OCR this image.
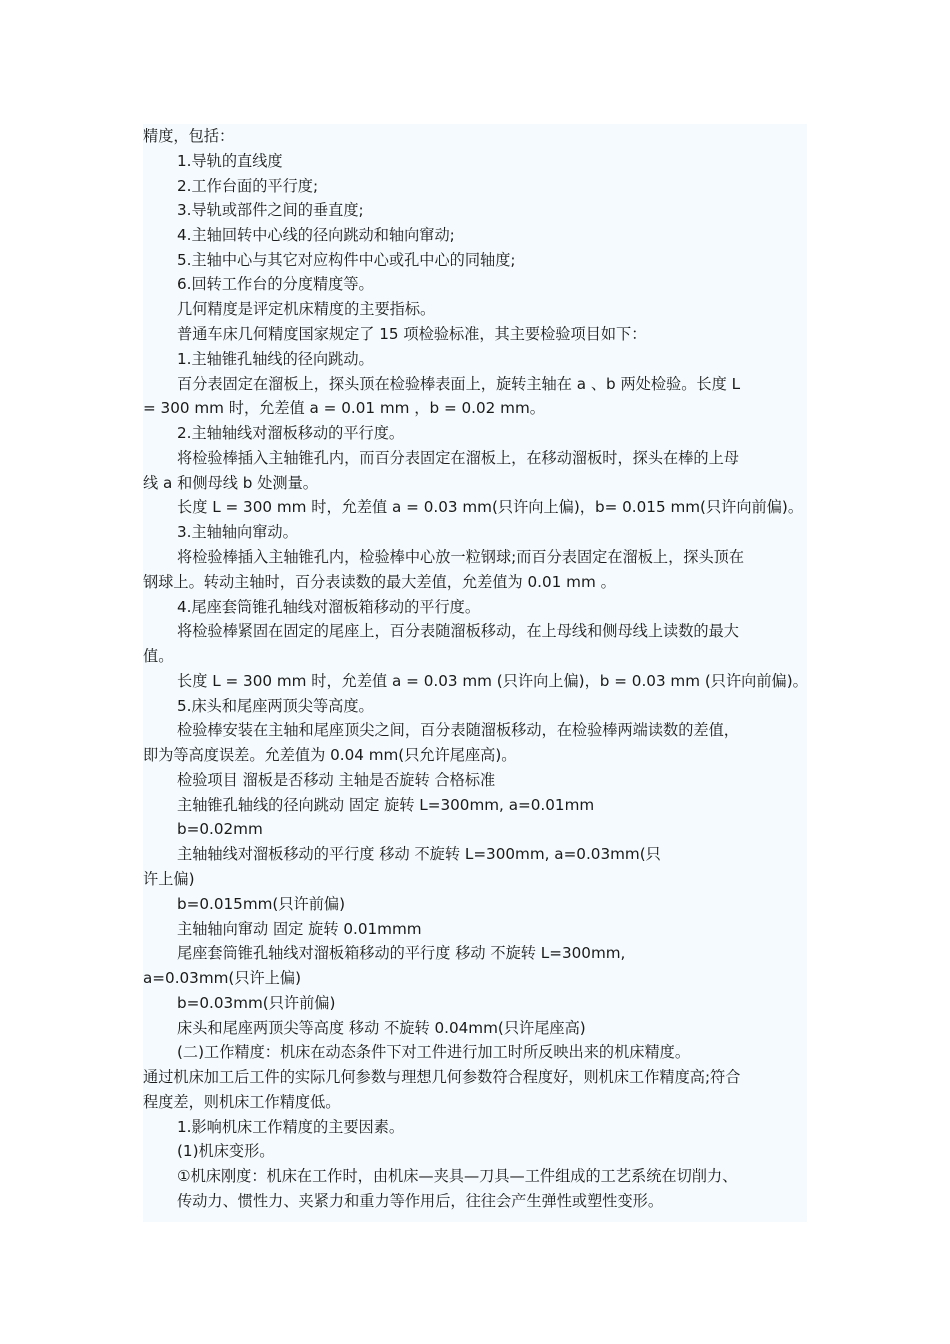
精度，包括：
1.导轨的直线度
2.工作台面的平行度;
3.导轨或部件之间的垂直度;
4.主轴回转中心线的径向跳动和轴向窜动;
5.主轴中心与其它对应构件中心或孔中心的同轴度;
6.回转工作台的分度精度等。
几何精度是评定机床精度的主要指标。
普通车床几何精度国家规定了 15 项检验标准，其主要检验项目如下：
1.主轴锥孔轴线的径向跳动。
百分表固定在溜板上，探头顶在检验棒表面上，旋转主轴在 a 、b 两处检验。长度 L
= 300 mm 时，允差值 a = 0.01 mm ，b = 0.02 mm。
2.主轴轴线对溜板移动的平行度。
将检验棒插入主轴锥孔内，而百分表固定在溜板上，在移动溜板时，探头在棒的上母
线 a 和侧母线 b 处测量。
长度 L = 300 mm 时，允差值 a = 0.03 mm(只许向上偏)，b= 0.015 mm(只许向前偏)。
3.主轴轴向窜动。
将检验棒插入主轴锥孔内，检验棒中心放一粒钢球;而百分表固定在溜板上，探头顶在
钢球上。转动主轴时，百分表读数的最大差值，允差值为 0.01 mm 。
4.尾座套筒锥孔轴线对溜板箱移动的平行度。
将检验棒紧固在固定的尾座上，百分表随溜板移动，在上母线和侧母线上读数的最大
值。
长度 L = 300 mm 时，允差值 a = 0.03 mm (只许向上偏)，b = 0.03 mm (只许向前偏)。
5.床头和尾座两顶尖等高度。
检验棒安装在主轴和尾座顶尖之间，百分表随溜板移动，在检验棒两端读数的差值，
即为等高度误差。允差值为 0.04 mm(只允许尾座高)。
检验项目 溜板是否移动 主轴是否旋转 合格标准
主轴锥孔轴线的径向跳动 固定 旋转 L=300mm, a=0.01mm
b=0.02mm
主轴轴线对溜板移动的平行度 移动 不旋转 L=300mm, a=0.03mm(只
许上偏)
b=0.015mm(只许前偏)
主轴轴向窜动 固定 旋转 0.01mmm
尾座套筒锥孔轴线对溜板箱移动的平行度 移动 不旋转 L=300mm,
a=0.03mm(只许上偏)
b=0.03mm(只许前偏)
床头和尾座两顶尖等高度 移动 不旋转 0.04mm(只许尾座高)
(二)工作精度：机床在动态条件下对工件进行加工时所反映出来的机床精度。
通过机床加工后工件的实际几何参数与理想几何参数符合程度好，则机床工作精度高;符合
程度差，则机床工作精度低。
1.影响机床工作精度的主要因素。
(1)机床变形。
①机床刚度：机床在工作时，由机床—夹具—刀具—工件组成的工艺系统在切削力、
传动力、惯性力、夹紧力和重力等作用后，往往会产生弹性或塑性变形。
